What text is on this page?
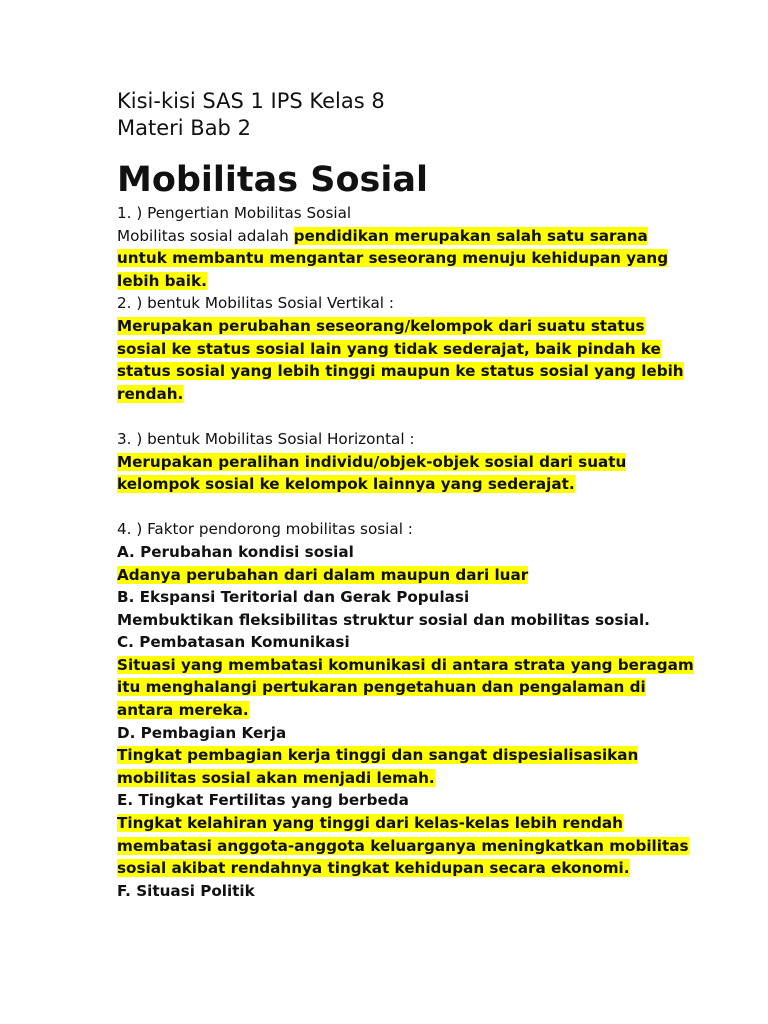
Kisi-kisi SAS 1 IPS Kelas 8
Materi Bab 2
Mobilitas Sosial
1. ) Pengertian Mobilitas Sosial
Mobilitas sosial adalah pendidikan merupakan salah satu sarana
untuk membantu mengantar seseorang menuju kehidupan yang
lebih baik.
2. ) bentuk Mobilitas Sosial Vertikal :
Merupakan perubahan seseorang/kelompok dari suatu status
sosial ke status sosial lain yang tidak sederajat, baik pindah ke
status sosial yang lebih tinggi maupun ke status sosial yang lebih
rendah.
3. ) bentuk Mobilitas Sosial Horizontal :
Merupakan peralihan individu/objek-objek sosial dari suatu
kelompok sosial ke kelompok lainnya yang sederajat.
4. ) Faktor pendorong mobilitas sosial :
A. Perubahan kondisi sosial
Adanya perubahan dari dalam maupun dari luar
B. Ekspansi Teritorial dan Gerak Populasi
Membuktikan fleksibilitas struktur sosial dan mobilitas sosial.
C. Pembatasan Komunikasi
Situasi yang membatasi komunikasi di antara strata yang beragam
itu menghalangi pertukaran pengetahuan dan pengalaman di
antara mereka.
D. Pembagian Kerja
Tingkat pembagian kerja tinggi dan sangat dispesialisasikan
mobilitas sosial akan menjadi lemah.
E. Tingkat Fertilitas yang berbeda
Tingkat kelahiran yang tinggi dari kelas-kelas lebih rendah
membatasi anggota-anggota keluarganya meningkatkan mobilitas
sosial akibat rendahnya tingkat kehidupan secara ekonomi.
F. Situasi Politik
